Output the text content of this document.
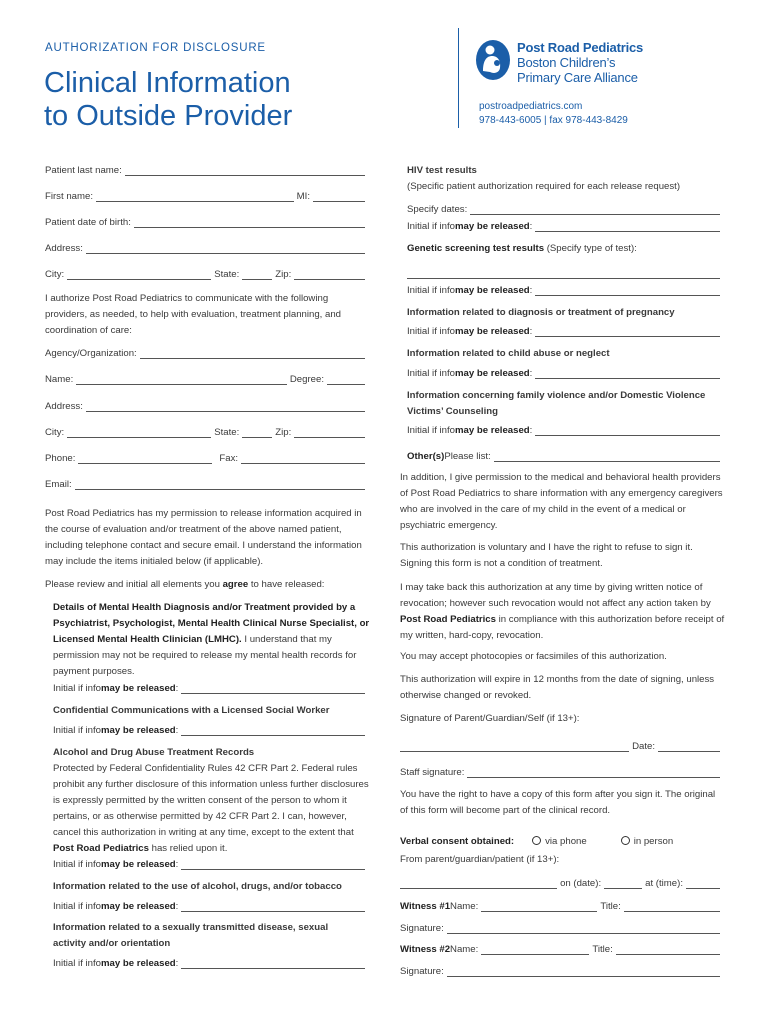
AUTHORIZATION FOR DISCLOSURE
Clinical Information
to Outside Provider
Post Road Pediatrics
Boston Children’s
Primary Care Alliance
postroadpediatrics.com
978-443-6005 | fax 978-443-8429
Patient last name:
First name:	MI:
Patient date of birth:
Address:
City:	State:	Zip:
I authorize Post Road Pediatrics to communicate with the following providers, as needed, to help with evaluation, treatment planning, and coordination of care:
Agency/Organization:
Name:	Degree:
Address:
City:	State:	Zip:
Phone:	Fax:
Email:
Post Road Pediatrics has my permission to release information acquired in the course of evaluation and/or treatment of the above named patient, including telephone contact and secure email. I understand the information may include the items initialed below (if applicable).
Please review and initial all elements you agree to have released:
Details of Mental Health Diagnosis and/or Treatment provided by a Psychiatrist, Psychologist, Mental Health Clinical Nurse Specialist, or Licensed Mental Health Clinician (LMHC). I understand that my permission may not be required to release my mental health records for payment purposes.
Initial if info may be released :
Confidential Communications with a Licensed Social Worker
Initial if info may be released :
Alcohol and Drug Abuse Treatment Records
Protected by Federal Confidentiality Rules 42 CFR Part 2. Federal rules prohibit any further disclosure of this information unless further disclosures is expressly permitted by the written consent of the person to whom it pertains, or as otherwise permitted by 42 CFR Part 2. I can, however, cancel this authorization in writing at any time, except to the extent that Post Road Pediatrics has relied upon it.
Initial if info may be released :
Information related to the use of alcohol, drugs, and/or tobacco
Initial if info may be released :
Information related to a sexually transmitted disease, sexual activity and/or orientation
Initial if info may be released :
HIV test results
(Specific patient authorization required for each release request)
Specify dates:
Initial if info may be released :
Genetic screening test results (Specify type of test):
Initial if info may be released :
Information related to diagnosis or treatment of pregnancy
Initial if info may be released :
Information related to child abuse or neglect
Initial if info may be released :
Information concerning family violence and/or Domestic Violence Victims’ Counseling
Initial if info may be released :
Other(s) Please list:
In addition, I give permission to the medical and behavioral health providers of Post Road Pediatrics to share information with any emergency caregivers who are involved in the care of my child in the event of a medical or psychiatric emergency.
This authorization is voluntary and I have the right to refuse to sign it. Signing this form is not a condition of treatment.
I may take back this authorization at any time by giving written notice of revocation; however such revocation would not affect any action taken by Post Road Pediatrics in compliance with this authorization before receipt of my written, hard-copy, revocation.
You may accept photocopies or facsimiles of this authorization.
This authorization will expire in 12 months from the date of signing, unless otherwise changed or revoked.
Signature of Parent/Guardian/Self (if 13+):
Date:
Staff signature:
You have the right to have a copy of this form after you sign it. The original of this form will become part of the clinical record.
Verbal consent obtained:	via phone	in person
From parent/guardian/patient (if 13+):
on (date):	at (time):
Witness #1 Name:	Title:
Signature:
Witness #2 Name:	Title:
Signature:
